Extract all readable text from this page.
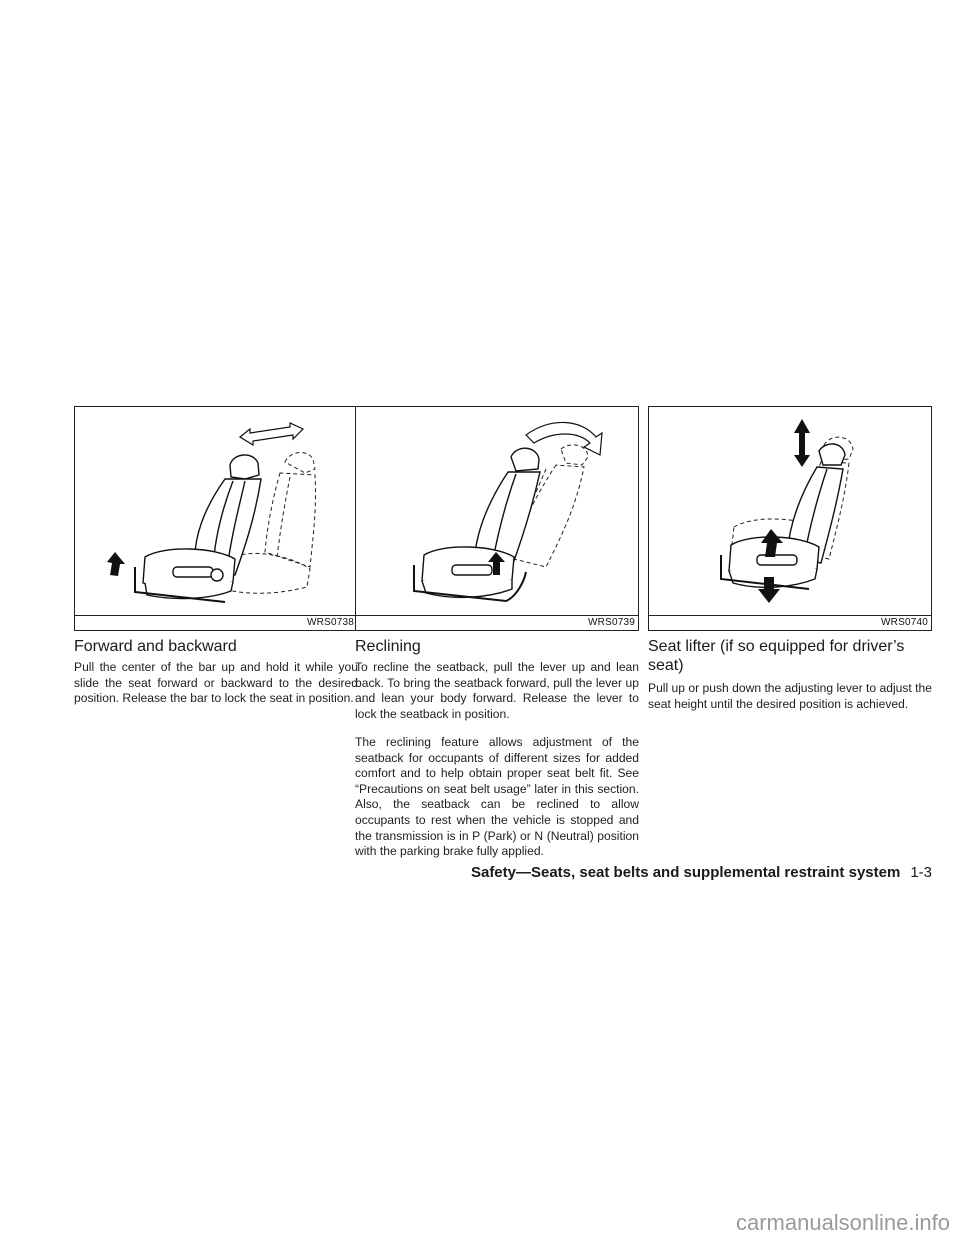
WRS0738	WRS0739	WRS0740
Forward and backward

Pull the center of the bar up and hold it while you slide the seat forward or backward to the desired position. Release the bar to lock the seat in position.

Reclining

To recline the seatback, pull the lever up and lean back. To bring the seatback forward, pull the lever up and lean your body forward. Release the lever to lock the seatback in position.

The reclining feature allows adjustment of the seatback for occupants of different sizes for added comfort and to help obtain proper seat belt fit. See “Precautions on seat belt usage” later in this section. Also, the seatback can be reclined to allow occupants to rest when the vehicle is stopped and the transmission is in P (Park) or N (Neutral) position with the parking brake fully applied.

Seat lifter (if so equipped for driver’s seat)

Pull up or push down the adjusting lever to adjust the seat height until the desired position is achieved.

Safety—Seats, seat belts and supplemental restraint system 1-3
carmanualsonline.info
